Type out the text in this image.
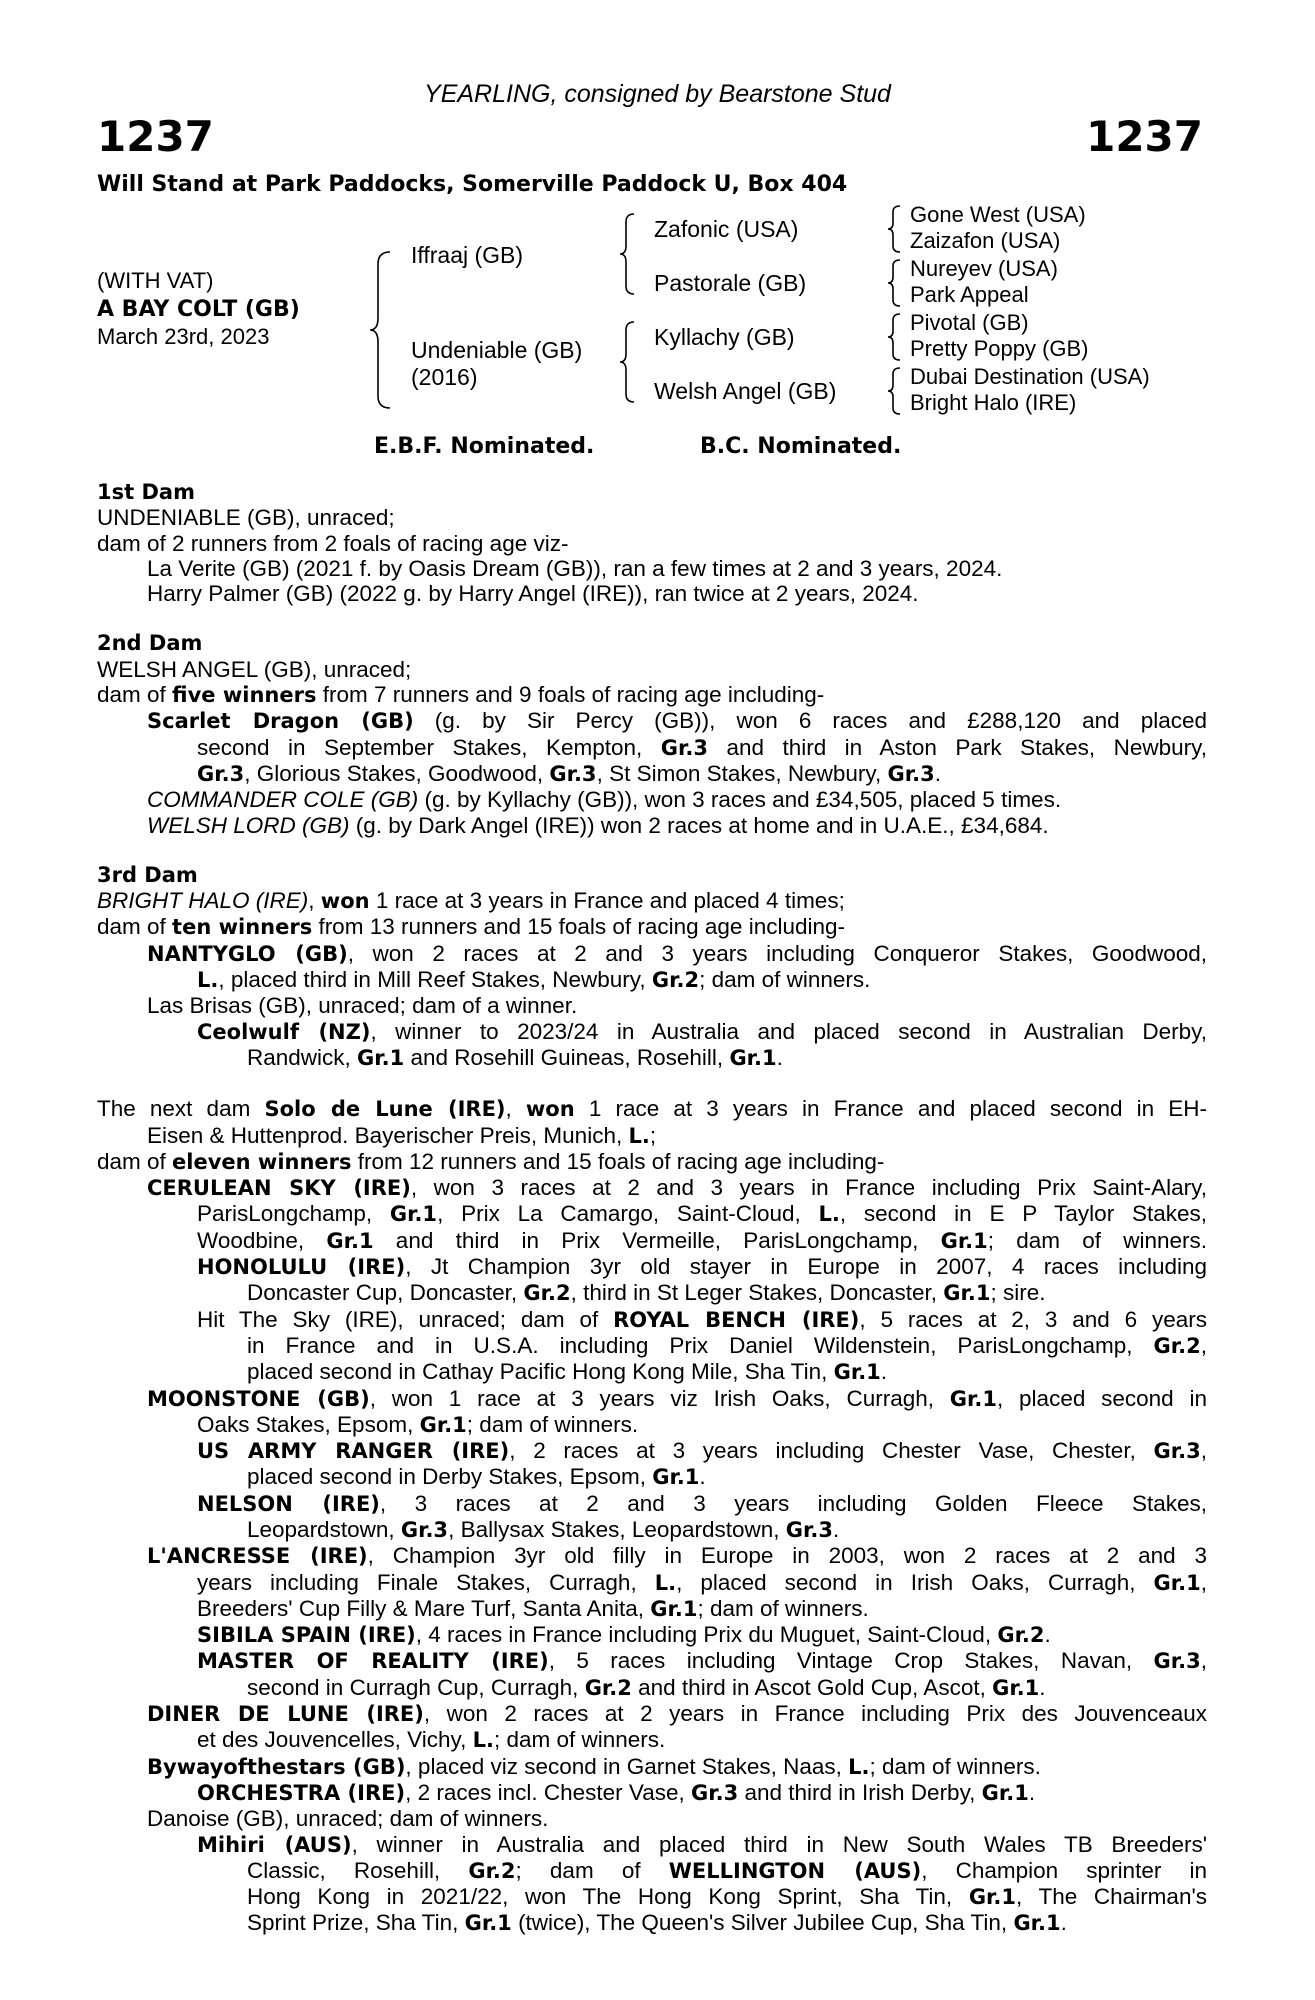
YEARLING, consigned by Bearstone Stud
1237	1237
Will Stand at Park Paddocks, Somerville Paddock U, Box 404
(WITH VAT)
A BAY COLT (GB)
March 23rd, 2023
Iffraaj (GB)
Undeniable (GB)
(2016)
Zafonic (USA)
Pastorale (GB)
Kyllachy (GB)
Welsh Angel (GB)
Gone West (USA)
Zaizafon (USA)
Nureyev (USA)
Park Appeal
Pivotal (GB)
Pretty Poppy (GB)
Dubai Destination (USA)
Bright Halo (IRE)
E.B.F. Nominated.	B.C. Nominated.
1st Dam
UNDENIABLE (GB), unraced;
dam of 2 runners from 2 foals of racing age viz-
La Verite (GB) (2021 f. by Oasis Dream (GB)), ran a few times at 2 and 3 years, 2024.
Harry Palmer (GB) (2022 g. by Harry Angel (IRE)), ran twice at 2 years, 2024.
2nd Dam
WELSH ANGEL (GB), unraced;
dam of five winners from 7 runners and 9 foals of racing age including-
Scarlet Dragon (GB) (g. by Sir Percy (GB)), won 6 races and £288,120 and placed
second in September Stakes, Kempton, Gr.3 and third in Aston Park Stakes, Newbury,
Gr.3, Glorious Stakes, Goodwood, Gr.3, St Simon Stakes, Newbury, Gr.3.
COMMANDER COLE (GB) (g. by Kyllachy (GB)), won 3 races and £34,505, placed 5 times.
WELSH LORD (GB) (g. by Dark Angel (IRE)) won 2 races at home and in U.A.E., £34,684.
3rd Dam
BRIGHT HALO (IRE), won 1 race at 3 years in France and placed 4 times;
dam of ten winners from 13 runners and 15 foals of racing age including-
NANTYGLO (GB), won 2 races at 2 and 3 years including Conqueror Stakes, Goodwood,
L., placed third in Mill Reef Stakes, Newbury, Gr.2; dam of winners.
Las Brisas (GB), unraced; dam of a winner.
Ceolwulf (NZ), winner to 2023/24 in Australia and placed second in Australian Derby,
Randwick, Gr.1 and Rosehill Guineas, Rosehill, Gr.1.
The next dam Solo de Lune (IRE), won 1 race at 3 years in France and placed second in EH-
Eisen & Huttenprod. Bayerischer Preis, Munich, L.;
dam of eleven winners from 12 runners and 15 foals of racing age including-
CERULEAN SKY (IRE), won 3 races at 2 and 3 years in France including Prix Saint-Alary,
ParisLongchamp, Gr.1, Prix La Camargo, Saint-Cloud, L., second in E P Taylor Stakes,
Woodbine, Gr.1 and third in Prix Vermeille, ParisLongchamp, Gr.1; dam of winners.
HONOLULU (IRE), Jt Champion 3yr old stayer in Europe in 2007, 4 races including
Doncaster Cup, Doncaster, Gr.2, third in St Leger Stakes, Doncaster, Gr.1; sire.
Hit The Sky (IRE), unraced; dam of ROYAL BENCH (IRE), 5 races at 2, 3 and 6 years
in France and in U.S.A. including Prix Daniel Wildenstein, ParisLongchamp, Gr.2,
placed second in Cathay Pacific Hong Kong Mile, Sha Tin, Gr.1.
MOONSTONE (GB), won 1 race at 3 years viz Irish Oaks, Curragh, Gr.1, placed second in
Oaks Stakes, Epsom, Gr.1; dam of winners.
US ARMY RANGER (IRE), 2 races at 3 years including Chester Vase, Chester, Gr.3,
placed second in Derby Stakes, Epsom, Gr.1.
NELSON (IRE), 3 races at 2 and 3 years including Golden Fleece Stakes,
Leopardstown, Gr.3, Ballysax Stakes, Leopardstown, Gr.3.
L'ANCRESSE (IRE), Champion 3yr old filly in Europe in 2003, won 2 races at 2 and 3
years including Finale Stakes, Curragh, L., placed second in Irish Oaks, Curragh, Gr.1,
Breeders' Cup Filly & Mare Turf, Santa Anita, Gr.1; dam of winners.
SIBILA SPAIN (IRE), 4 races in France including Prix du Muguet, Saint-Cloud, Gr.2.
MASTER OF REALITY (IRE), 5 races including Vintage Crop Stakes, Navan, Gr.3,
second in Curragh Cup, Curragh, Gr.2 and third in Ascot Gold Cup, Ascot, Gr.1.
DINER DE LUNE (IRE), won 2 races at 2 years in France including Prix des Jouvenceaux
et des Jouvencelles, Vichy, L.; dam of winners.
Bywayofthestars (GB), placed viz second in Garnet Stakes, Naas, L.; dam of winners.
ORCHESTRA (IRE), 2 races incl. Chester Vase, Gr.3 and third in Irish Derby, Gr.1.
Danoise (GB), unraced; dam of winners.
Mihiri (AUS), winner in Australia and placed third in New South Wales TB Breeders'
Classic, Rosehill, Gr.2; dam of WELLINGTON (AUS), Champion sprinter in
Hong Kong in 2021/22, won The Hong Kong Sprint, Sha Tin, Gr.1, The Chairman's
Sprint Prize, Sha Tin, Gr.1 (twice), The Queen's Silver Jubilee Cup, Sha Tin, Gr.1.
